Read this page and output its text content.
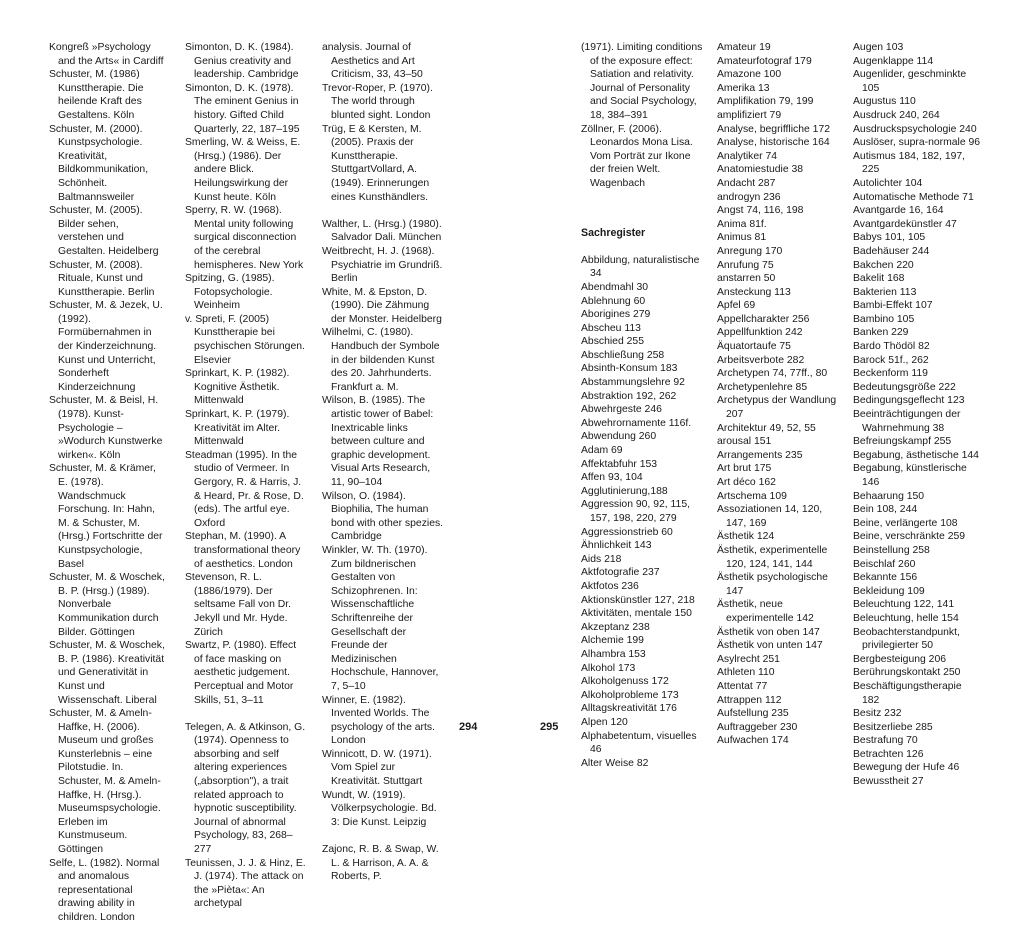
Kongreß »Psychology and the Arts« in Cardiff
Schuster, M. (1986) Kunsttherapie. Die heilende Kraft des Gestaltens. Köln
Schuster, M. (2000). Kunstpsychologie. Kreativität, Bildkommunikation, Schönheit. Baltmannsweiler
Schuster, M. (2005). Bilder sehen, verstehen und Gestalten. Heidelberg
Schuster, M. (2008). Rituale, Kunst und Kunsttherapie. Berlin
Schuster, M. & Jezek, U. (1992). Formübernahmen in der Kinderzeichnung. Kunst und Unterricht, Sonderheft Kinderzeichnung
Schuster, M. & Beisl, H. (1978). Kunst-Psychologie – »Wodurch Kunstwerke wirken«. Köln
Schuster, M. & Krämer, E. (1978). Wandschmuck Forschung. In: Hahn, M. & Schuster, M. (Hrsg.) Fortschritte der Kunstpsychologie, Basel
Schuster, M. & Woschek, B. P. (Hrsg.) (1989). Nonverbale Kommunikation durch Bilder. Göttingen
Schuster, M. & Woschek, B. P. (1986). Kreativität und Generativität in Kunst und Wissenschaft. Liberal
Schuster, M. & Ameln-Haffke, H. (2006). Museum und großes Kunsterlebnis – eine Pilotstudie. In. Schuster, M. & Ameln-Haffke, H. (Hrsg.). Museumspsychologie. Erleben im Kunstmuseum. Göttingen
Selfe, L. (1982). Normal and anomalous representational drawing ability in children. London
Simonton, D. K. (1984). Genius creativity and leadership. Cambridge
Simonton, D. K. (1978). The eminent Genius in history. Gifted Child Quarterly, 22, 187–195
Smerling, W. & Weiss, E. (Hrsg.) (1986). Der andere Blick. Heilungswirkung der Kunst heute. Köln
Sperry, R. W. (1968). Mental unity following surgical disconnection of the cerebral hemispheres. New York
Spitzing, G. (1985). Fotopsychologie. Weinheim
v. Spreti, F. (2005) Kunsttherapie bei psychischen Störungen. Elsevier
Sprinkart, K. P. (1982). Kognitive Ästhetik. Mittenwald
Sprinkart, K. P. (1979). Kreativität im Alter. Mittenwald
Steadman (1995). In the studio of Vermeer. In Gergory, R. & Harris, J. & Heard, Pr. & Rose, D. (eds). The artful eye. Oxford
Stephan, M. (1990). A transformational theory of aesthetics. London
Stevenson, R. L. (1886/1979). Der seltsame Fall von Dr. Jekyll und Mr. Hyde. Zürich
Swartz, P. (1980). Effect of face masking on aesthetic judgement. Perceptual and Motor Skills, 51, 3–11
Telegen, A. & Atkinson, G. (1974). Openness to absorbing and self altering experiences („absorption"), a trait related approach to hypnotic susceptibility. Journal of abnormal Psychology, 83, 268–277
Teunissen, J. J. & Hinz, E. J. (1974). The attack on the »Pièta«: An archetypal
analysis. Journal of Aesthetics and Art Criticism, 33, 43–50
Trevor-Roper, P. (1970). The world through blunted sight. London
Trüg, E & Kersten, M. (2005). Praxis der Kunsttherapie. StuttgartVollard, A. (1949). Erinnerungen eines Kunsthändlers.
Walther, L. (Hrsg.) (1980). Salvador Dali. München
Weitbrecht, H. J. (1968). Psychiatrie im Grundriß. Berlin
White, M. & Epston, D. (1990). Die Zähmung der Monster. Heidelberg
Wilhelmi, C. (1980). Handbuch der Symbole in der bildenden Kunst des 20. Jahrhunderts. Frankfurt a. M.
Wilson, B. (1985). The artistic tower of Babel: Inextricable links between culture and graphic development. Visual Arts Research, 11, 90–104
Wilson, O. (1984). Biophilia, The human bond with other spezies. Cambridge
Winkler, W. Th. (1970). Zum bildnerischen Gestalten von Schizophrenen. In: Wissenschaftliche Schriftenreihe der Gesellschaft der Freunde der Medizinischen Hochschule, Hannover, 7, 5–10
Winner, E. (1982). Invented Worlds. The psychology of the arts. London
Winnicott, D. W. (1971). Vom Spiel zur Kreativität. Stuttgart
Wundt, W. (1919). Völkerpsychologie. Bd. 3: Die Kunst. Leipzig
Zajonc, R. B. & Swap, W. L. & Harrison, A. A. & Roberts, P.
294	295
(1971). Limiting conditions of the exposure effect: Satiation and relativity. Journal of Personality and Social Psychology, 18, 384–391
Zöllner, F. (2006). Leonardos Mona Lisa. Vom Porträt zur Ikone der freien Welt. Wagenbach
Sachregister
Abbildung, naturalistische 34
Abendmahl 30
Ablehnung 60
Aborigines 279
Abscheu 113
Abschied 255
Abschließung 258
Absinth-Konsum 183
Abstammungslehre 92
Abstraktion 192, 262
Abwehrgeste 246
Abwehrornamente 116f.
Abwendung 260
Adam 69
Affektabfuhr 153
Affen 93, 104
Agglutinierung,188
Aggression 90, 92, 115, 157, 198, 220, 279
Aggressionstrieb 60
Ähnlichkeit 143
Aids 218
Aktfotografie 237
Aktfotos 236
Aktionskünstler 127, 218
Aktivitäten, mentale 150
Akzeptanz 238
Alchemie 199
Alhambra 153
Alkohol 173
Alkoholgenuss 172
Alkoholprobleme 173
Alltagskreativität 176
Alpen 120
Alphabetentum, visuelles 46
Alter Weise 82
Amateur 19
Amateurfotograf 179
Amazone 100
Amerika 13
Amplifikation 79, 199
amplifiziert 79
Analyse, begriffliche 172
Analyse, historische 164
Analytiker 74
Anatomiestudie 38
Andacht 287
androgyn 236
Angst 74, 116, 198
Anima 81f.
Animus 81
Anregung 170
Anrufung 75
anstarren 50
Ansteckung 113
Apfel 69
Appellcharakter 256
Appellfunktion 242
Äquatortaufe 75
Arbeitsverbote 282
Archetypen 74, 77ff., 80
Archetypenlehre 85
Archetypus der Wandlung 207
Architektur 49, 52, 55
arousal 151
Arrangements 235
Art brut 175
Art déco 162
Artschema 109
Assoziationen 14, 120, 147, 169
Ästhetik 124
Ästhetik, experimentelle 120, 124, 141, 144
Ästhetik psychologische 147
Ästhetik, neue experimentelle 142
Ästhetik von oben 147
Ästhetik von unten 147
Asylrecht 251
Athleten 110
Attentat 77
Attrappen 112
Aufstellung 235
Auftraggeber 230
Aufwachen 174
Augen 103
Augenklappe 114
Augenlider, geschminkte 105
Augustus 110
Ausdruck 240, 264
Ausdruckspsychologie 240
Auslöser, supra-normale 96
Autismus 184, 182, 197, 225
Autolichter 104
Automatische Methode 71
Avantgarde 16, 164
Avantgardekünstler 47
Babys 101, 105
Badehäuser 244
Bakchen 220
Bakelit 168
Bakterien 113
Bambi-Effekt 107
Bambino 105
Banken 229
Bardo Thödöl 82
Barock 51f., 262
Beckenform 119
Bedeutungsgröße 222
Bedingungsgeflecht 123
Beeinträchtigungen der Wahrnehmung 38
Befreiungskampf 255
Begabung, ästhetische 144
Begabung, künstlerische 146
Behaarung 150
Bein 108, 244
Beine, verlängerte 108
Beine, verschränkte 259
Beinstellung 258
Beischlaf 260
Bekannte 156
Bekleidung 109
Beleuchtung 122, 141
Beleuchtung, helle 154
Beobachterstandpunkt, privilegierter 50
Bergbesteigung 206
Berührungskontakt 250
Beschäftigungstherapie 182
Besitz 232
Besitzerliebe 285
Bestrafung 70
Betrachten 126
Bewegung der Hufe 46
Bewusstheit 27
